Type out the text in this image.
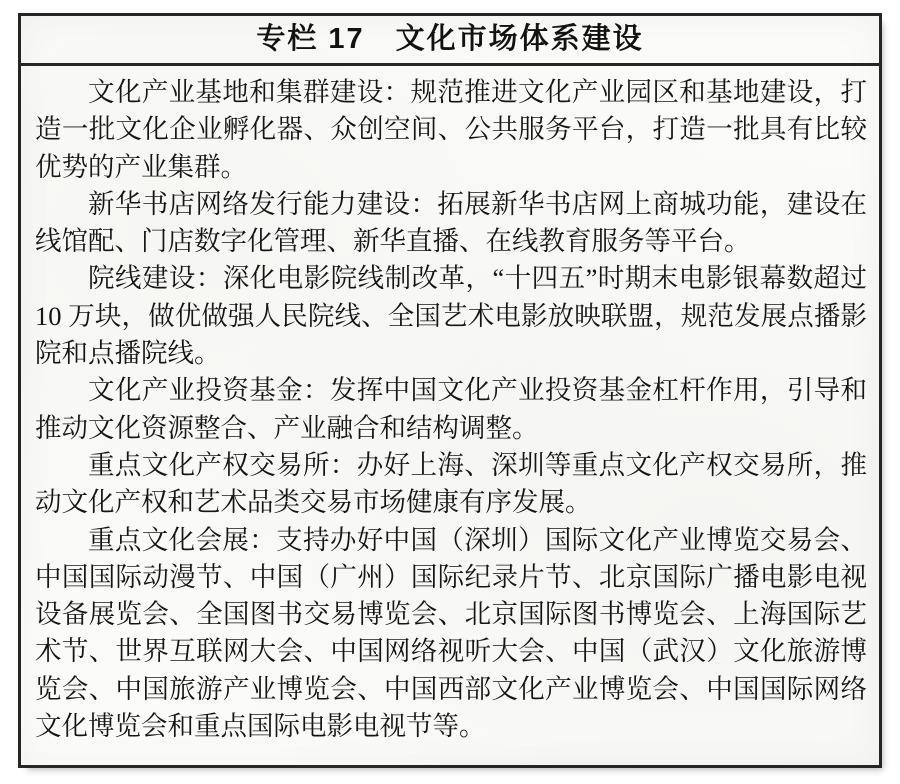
专栏 17　文化市场体系建设

文化产业基地和集群建设：规范推进文化产业园区和基地建设，打造一批文化企业孵化器、众创空间、公共服务平台，打造一批具有比较优势的产业集群。

新华书店网络发行能力建设：拓展新华书店网上商城功能，建设在线馆配、门店数字化管理、新华直播、在线教育服务等平台。

院线建设：深化电影院线制改革，“十四五”时期末电影银幕数超过 10 万块，做优做强人民院线、全国艺术电影放映联盟，规范发展点播影院和点播院线。

文化产业投资基金：发挥中国文化产业投资基金杠杆作用，引导和推动文化资源整合、产业融合和结构调整。

重点文化产权交易所：办好上海、深圳等重点文化产权交易所，推动文化产权和艺术品类交易市场健康有序发展。

重点文化会展：支持办好中国（深圳）国际文化产业博览交易会、中国国际动漫节、中国（广州）国际纪录片节、北京国际广播电影电视设备展览会、全国图书交易博览会、北京国际图书博览会、上海国际艺术节、世界互联网大会、中国网络视听大会、中国（武汉）文化旅游博览会、中国旅游产业博览会、中国西部文化产业博览会、中国国际网络文化博览会和重点国际电影电视节等。
